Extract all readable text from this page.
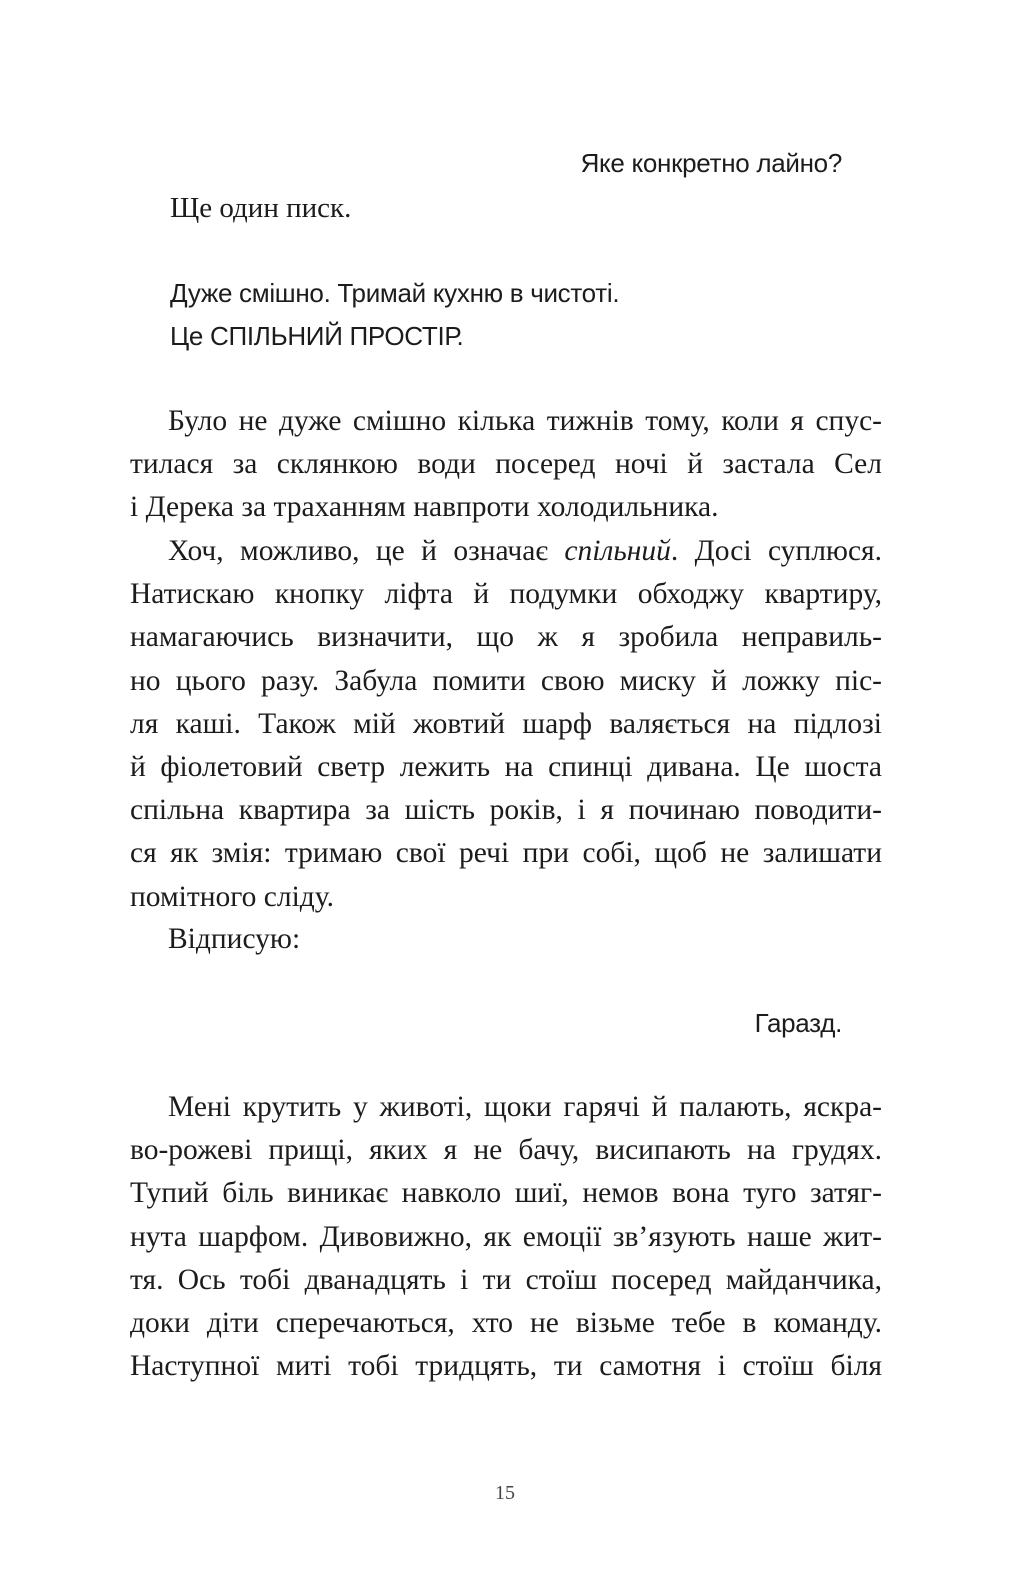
Яке конкретно лайно?
Ще один писк.
Дуже смішно. Тримай кухню в чистоті.
Це СПІЛЬНИЙ ПРОСТІР.
Було не дуже смішно кілька тижнів тому, коли я спус-
тилася за склянкою води посеред ночі й застала Сел
і Дерека за траханням навпроти холодильника.
Хоч, можливо, це й означає спільний. Досі суплюся.
Натискаю кнопку ліфта й подумки обходжу квартиру,
намагаючись визначити, що ж я зробила неправиль-
но цього разу. Забула помити свою миску й ложку піс-
ля каші. Також мій жовтий шарф валяється на підлозі
й фіолетовий светр лежить на спинці дивана. Це шоста
спільна квартира за шість років, і я починаю поводити-
ся як змія: тримаю свої речі при собі, щоб не залишати
помітного сліду.
Відписую:
Гаразд.
Мені крутить у животі, щоки гарячі й палають, яскра-
во-рожеві прищі, яких я не бачу, висипають на грудях.
Тупий біль виникає навколо шиї, немов вона туго затяг-
нута шарфом. Дивовижно, як емоції зв’язують наше жит-
тя. Ось тобі дванадцять і ти стоїш посеред майданчика,
доки діти сперечаються, хто не візьме тебе в команду.
Наступної миті тобі тридцять, ти самотня і стоїш біля
15
